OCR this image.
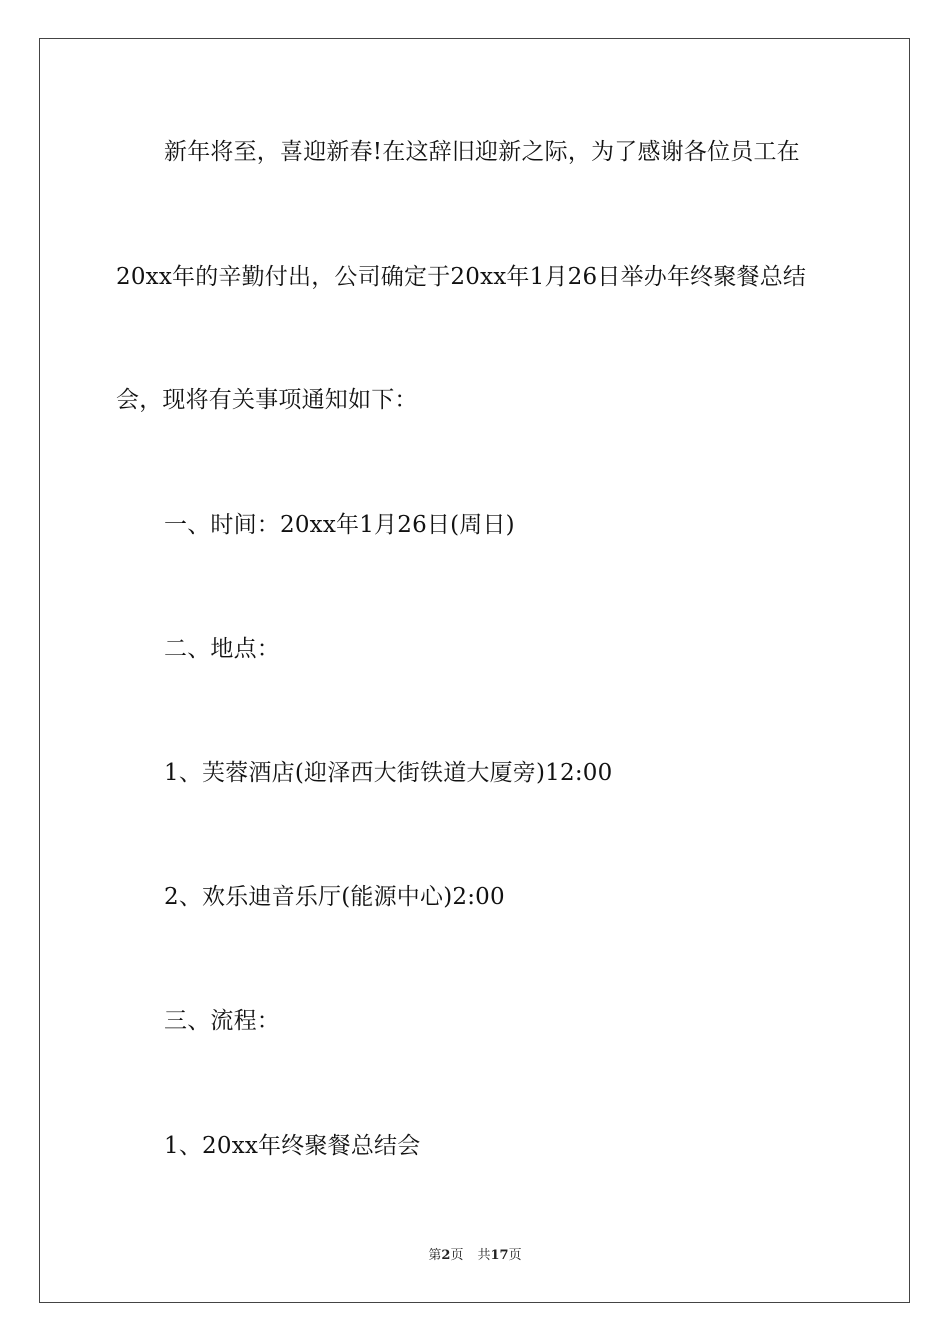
新年将至，喜迎新春!在这辞旧迎新之际，为了感谢各位员工在
20xx年的辛勤付出，公司确定于20xx年1月26日举办年终聚餐总结
会，现将有关事项通知如下：
一、时间：20xx年1月26日(周日)
二、地点：
1、芙蓉酒店(迎泽西大街铁道大厦旁)12:00
2、欢乐迪音乐厅(能源中心)2:00
三、流程：
1、20xx年终聚餐总结会
第2页 共17页
